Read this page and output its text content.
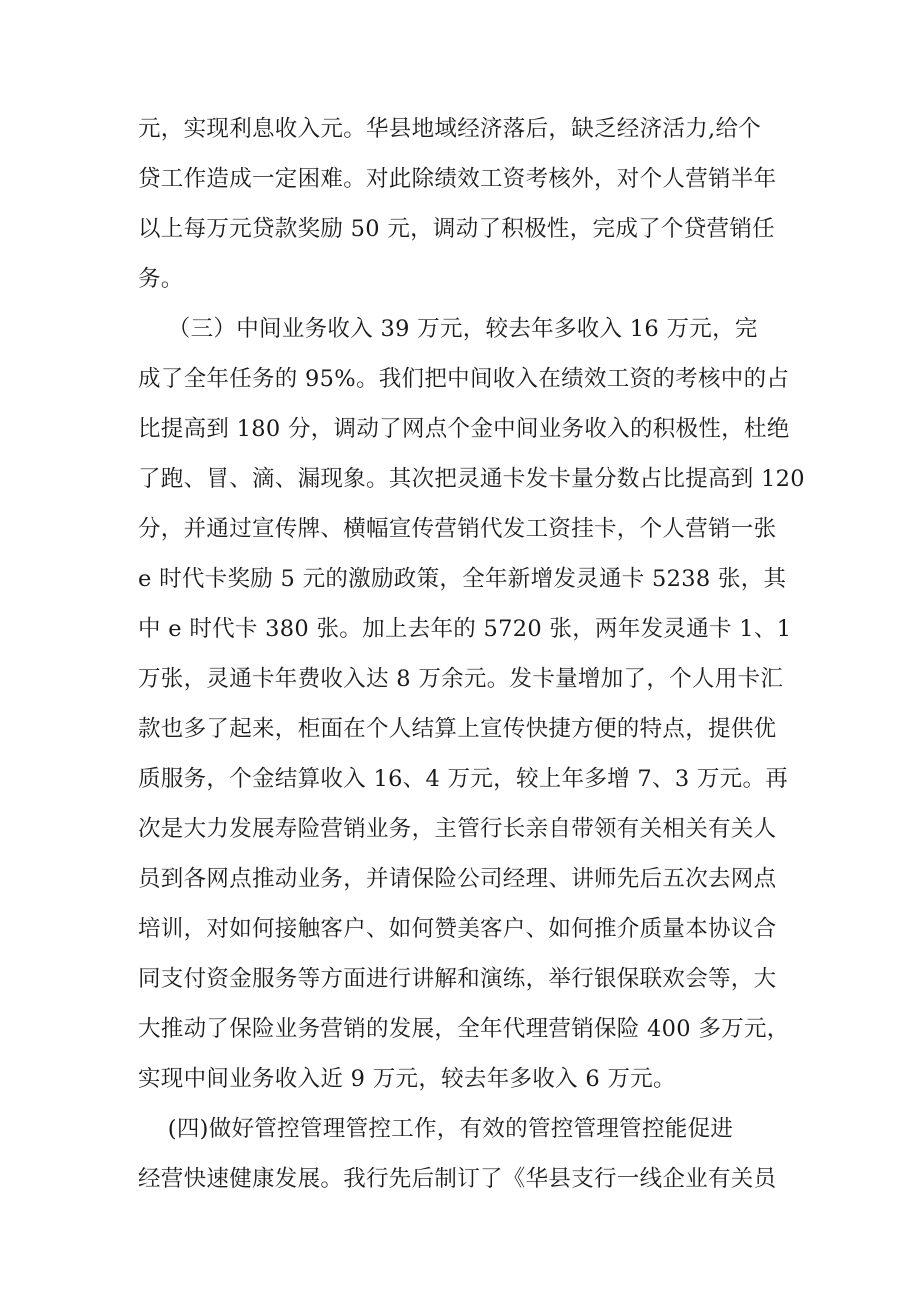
元，实现利息收入元。华县地域经济落后，缺乏经济活力,给个
贷工作造成一定困难。对此除绩效工资考核外，对个人营销半年
以上每万元贷款奖励 50 元，调动了积极性，完成了个贷营销任
务。
（三）中间业务收入 39 万元，较去年多收入 16 万元，完
成了全年任务的 95%。我们把中间收入在绩效工资的考核中的占
比提高到 180 分，调动了网点个金中间业务收入的积极性，杜绝
了跑、冒、滴、漏现象。其次把灵通卡发卡量分数占比提高到 120
分，并通过宣传牌、横幅宣传营销代发工资挂卡，个人营销一张
e 时代卡奖励 5 元的激励政策，全年新增发灵通卡 5238 张，其
中 e 时代卡 380 张。加上去年的 5720 张，两年发灵通卡 1、1
万张，灵通卡年费收入达 8 万余元。发卡量增加了，个人用卡汇
款也多了起来，柜面在个人结算上宣传快捷方便的特点，提供优
质服务，个金结算收入 16、4 万元，较上年多增 7、3 万元。再
次是大力发展寿险营销业务，主管行长亲自带领有关相关有关人
员到各网点推动业务，并请保险公司经理、讲师先后五次去网点
培训，对如何接触客户、如何赞美客户、如何推介质量本协议合
同支付资金服务等方面进行讲解和演练，举行银保联欢会等，大
大推动了保险业务营销的发展，全年代理营销保险 400 多万元，
实现中间业务收入近 9 万元，较去年多收入 6 万元。
(四)做好管控管理管控工作，有效的管控管理管控能促进
经营快速健康发展。我行先后制订了《华县支行一线企业有关员
